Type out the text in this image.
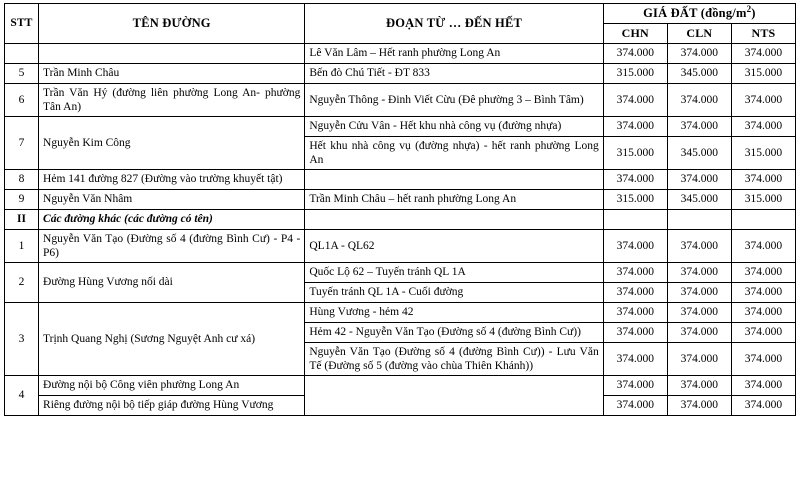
STT	TÊN ĐƯỜNG	ĐOẠN TỪ … ĐẾN HẾT	GIÁ ĐẤT $(đồng/m^2)$		
			CHN	CLN	NTS
		Lê Văn Lâm – Hết ranh phường Long An	374.000	374.000	374.000
5	Trần Minh Châu	Bến đò Chú Tiết - ĐT 833	315.000	345.000	315.000
6	Trần Văn Hý (đường liên phường Long An- phường Tân An)	Nguyễn Thông - Đinh Viết Cừu (Đê phường 3 – Bình Tâm)	374.000	374.000	374.000
7	Nguyễn Kim Công	Nguyễn Cửu Vân - Hết khu nhà công vụ (đường nhựa)	374.000	374.000	374.000
		Hết khu nhà công vụ (đường nhựa) - hết ranh phường Long An	315.000	345.000	315.000
8	Hẻm 141 đường 827 (Đường vào trường khuyết tật)		374.000	374.000	374.000
9	Nguyễn Văn Nhâm	Trần Minh Châu – hết ranh phường Long An	315.000	345.000	315.000
II	Các đường khác (các đường có tên)				
1	Nguyễn Văn Tạo (Đường số 4 (đường Bình Cư) - P4 - P6)	QL1A - QL62	374.000	374.000	374.000
2	Đường Hùng Vương nối dài	Quốc Lộ 62 – Tuyến tránh QL 1A	374.000	374.000	374.000
		Tuyến tránh QL 1A - Cuối đường	374.000	374.000	374.000
3	Trịnh Quang Nghị (Sương Nguyệt Anh cư xá)	Hùng Vương - hẻm 42	374.000	374.000	374.000
		Hẻm 42 - Nguyễn Văn Tạo (Đường số 4 (đường Bình Cư))	374.000	374.000	374.000
		Nguyễn Văn Tạo (Đường số 4 (đường Bình Cư)) - Lưu Văn Tế (Đường số 5 (đường vào chùa Thiên Khánh))	374.000	374.000	374.000
4	Đường nội bộ Công viên phường Long An		374.000	374.000	374.000
	Riêng đường nội bộ tiếp giáp đường Hùng Vương		374.000	374.000	374.000
